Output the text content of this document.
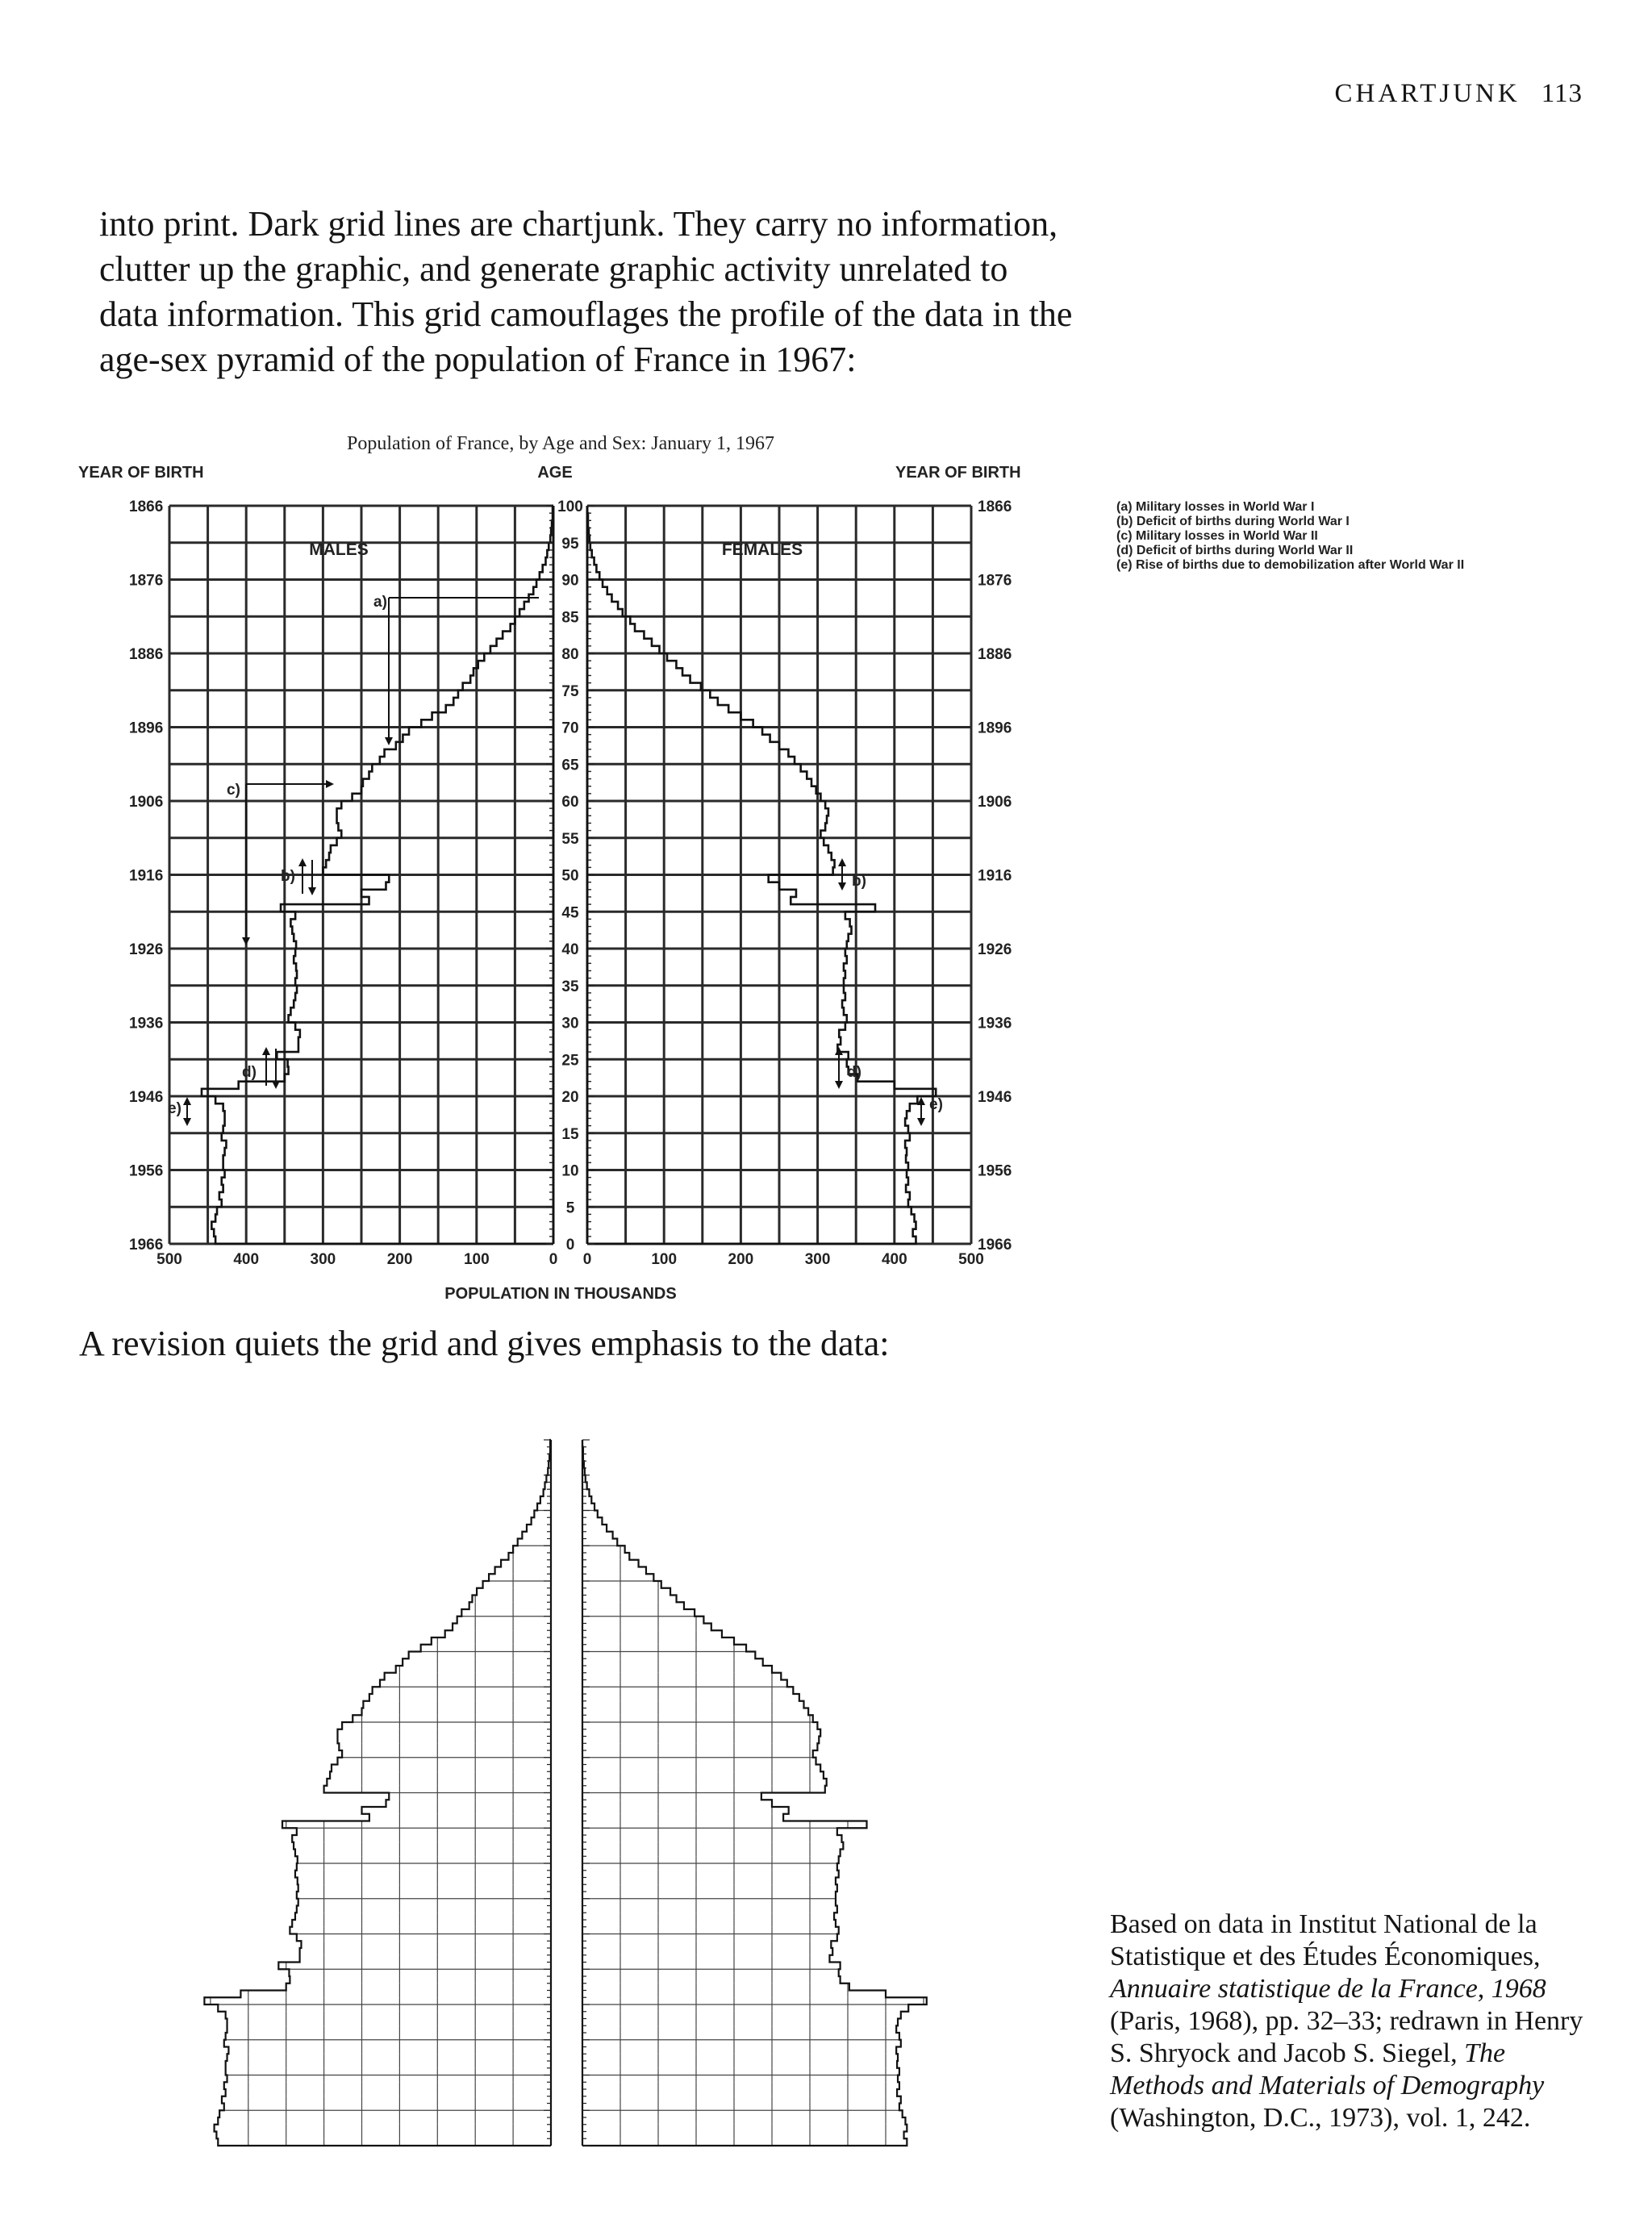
CHARTJUNK 113

into print. Dark grid lines are chartjunk. They carry no information, clutter up the graphic, and generate graphic activity unrelated to data information. This grid camouflages the profile of the data in the age-sex pyramid of the population of France in 1967:

A revision quiets the grid and gives emphasis to the data:

Based on data in Institut National de la Statistique et des Études Économiques, Annuaire statistique de la France, 1968 (Paris, 1968), pp. 32–33; redrawn in Henry S. Shryock and Jacob S. Siegel, The Methods and Materials of Demography (Washington, D.C., 1973), vol. 1, 242.

Population of France, by Age and Sex: January 1, 1967
YEAR OF BIRTH	AGE	YEAR OF BIRTH
POPULATION IN THOUSANDS
100
95
90
85
80
75
70
65
60
55
50
45
40
35
30
25
20
15
10
5
0
1866	1866
1876	1876
1886	1886
1896	1896
1906	1906
1916	1916
1926	1926
1936	1936
1946	1946
1956	1956
1966	1966
500	400	300	200	100	0 0	100	200	300	400	500
MALES	FEMALES
a)
c)
b)	b)
d)	d)
e)	e)
(a) Military losses in World War I
(b) Deficit of births during World War I
(c) Military losses in World War II
(d) Deficit of births during World War II
(e) Rise of births due to demobilization after World War II
